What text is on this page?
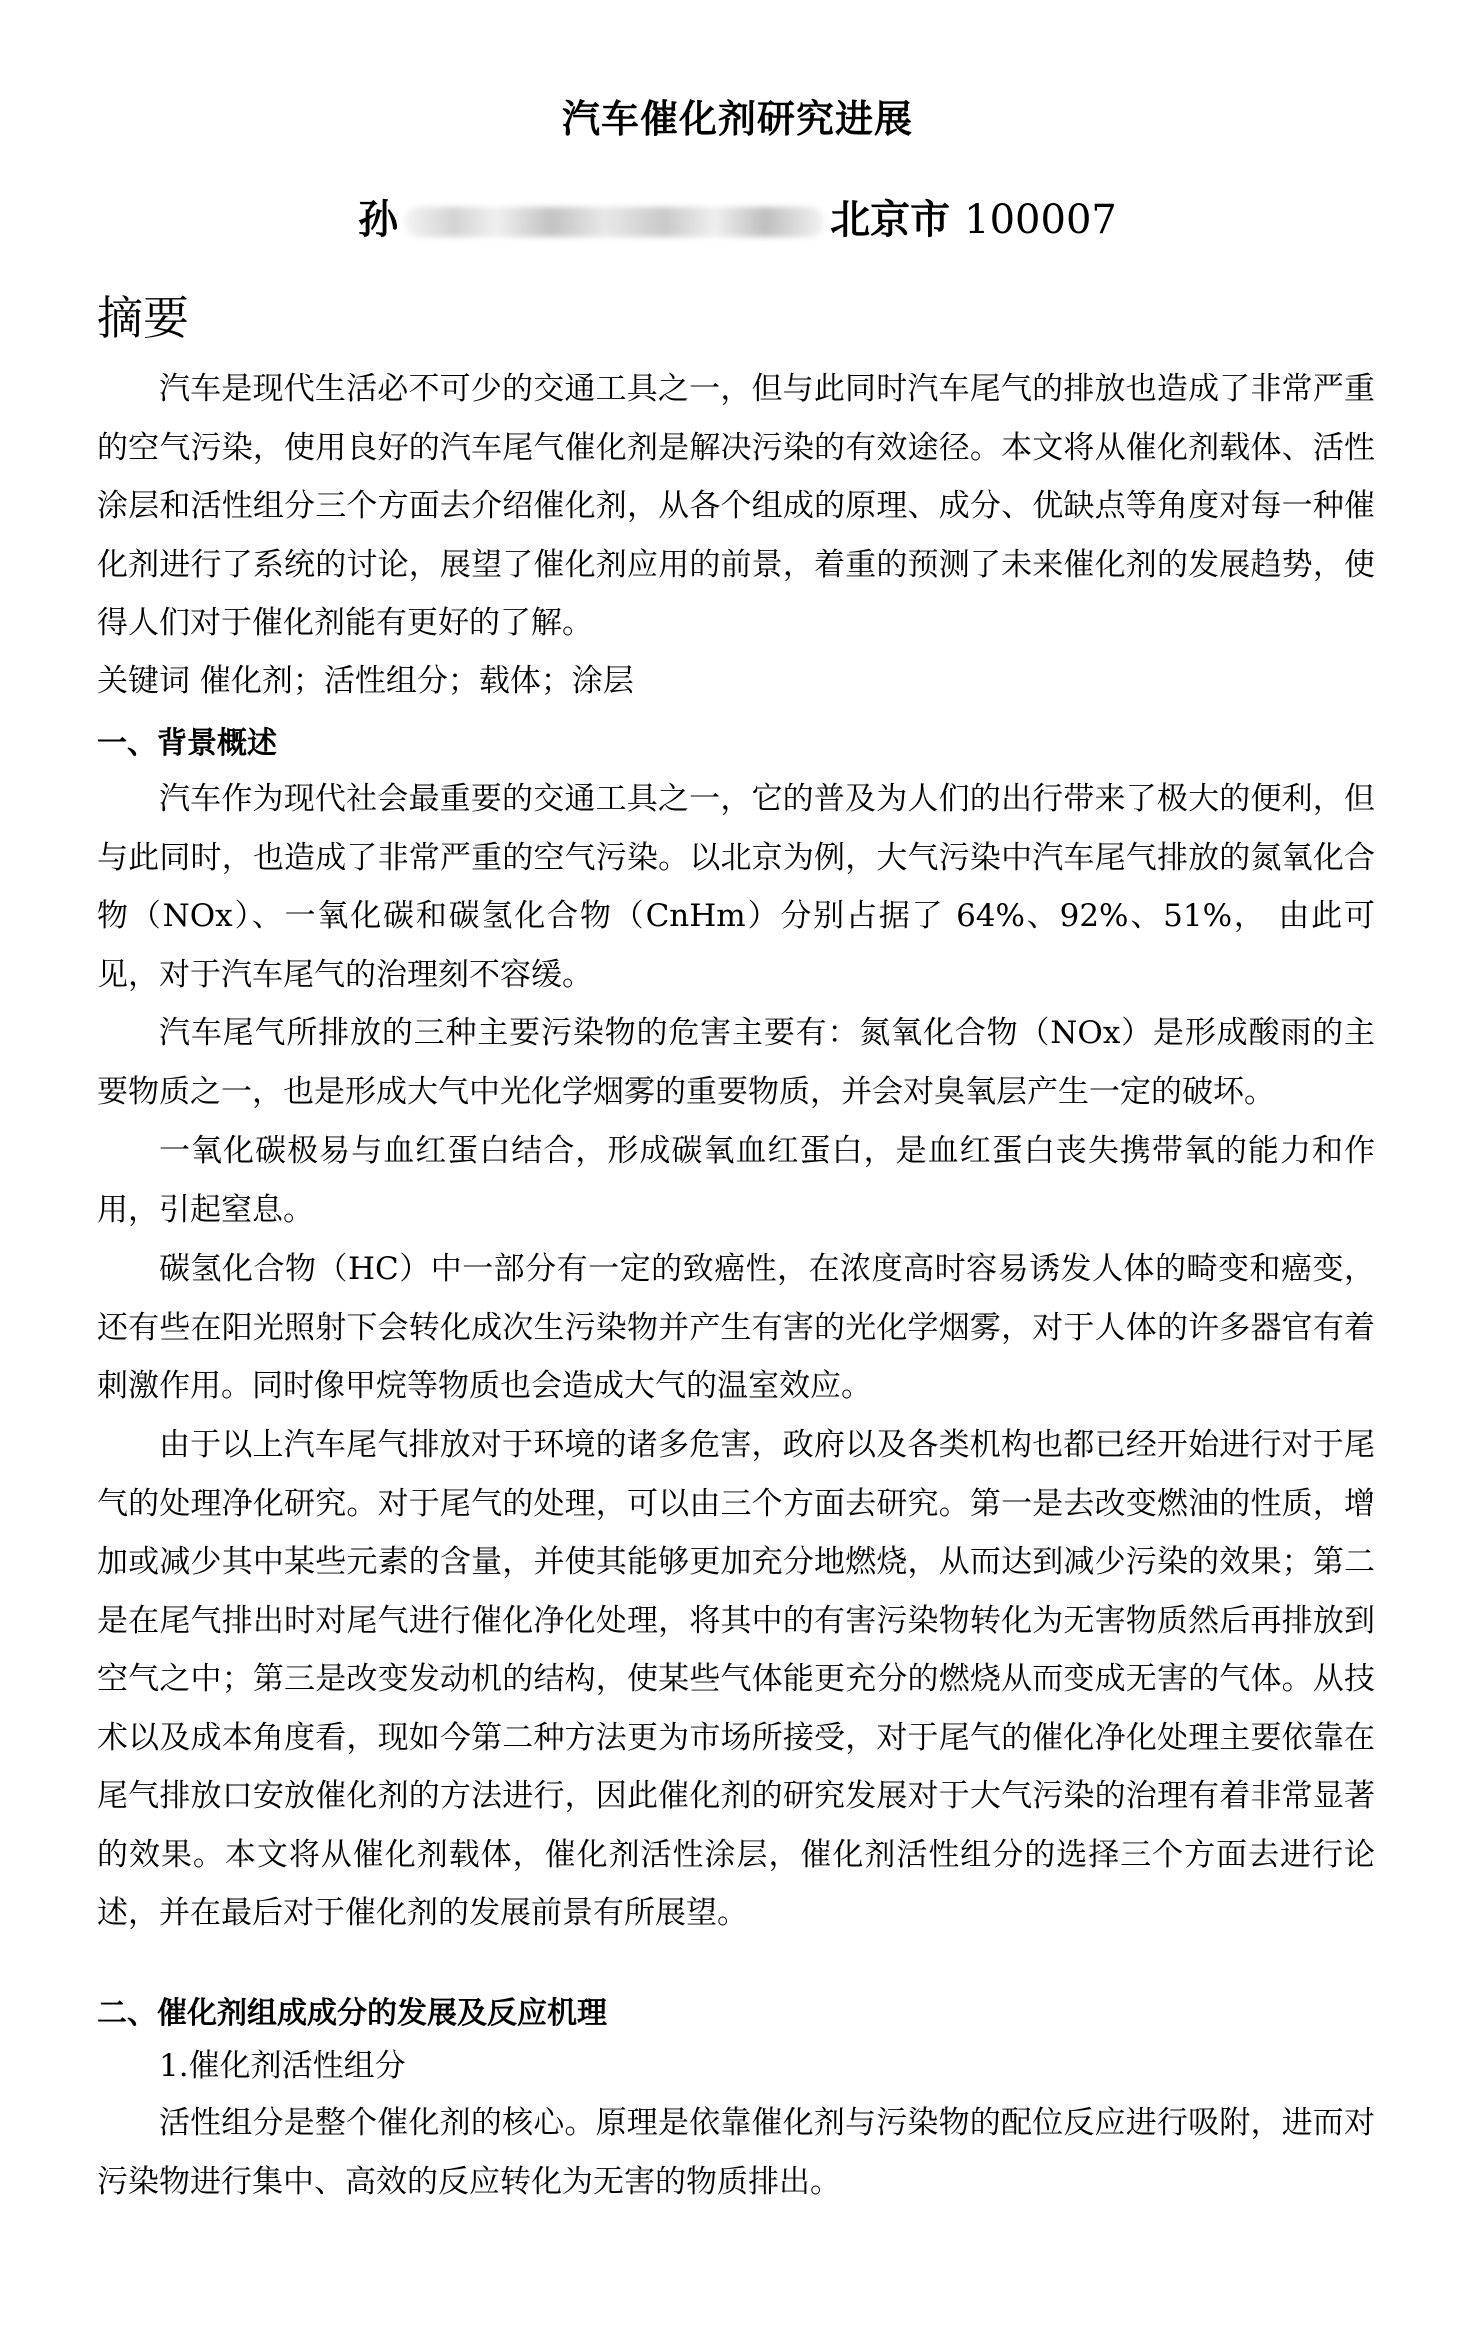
汽车催化剂研究进展
孙	北京市 100007
摘要

汽车是现代生活必不可少的交通工具之一，但与此同时汽车尾气的排放也造成了非常严重的空气污染，使用良好的汽车尾气催化剂是解决污染的有效途径。本文将从催化剂载体、活性涂层和活性组分三个方面去介绍催化剂，从各个组成的原理、成分、优缺点等角度对每一种催化剂进行了系统的讨论，展望了催化剂应用的前景，着重的预测了未来催化剂的发展趋势，使得人们对于催化剂能有更好的了解。

关键词 催化剂；活性组分；载体；涂层

一、背景概述

汽车作为现代社会最重要的交通工具之一，它的普及为人们的出行带来了极大的便利，但与此同时，也造成了非常严重的空气污染。以北京为例，大气污染中汽车尾气排放的氮氧化合物（NOx）、一氧化碳和碳氢化合物（CnHm）分别占据了 64%、92%、51%， 由此可见，对于汽车尾气的治理刻不容缓。

汽车尾气所排放的三种主要污染物的危害主要有：氮氧化合物（NOx）是形成酸雨的主要物质之一，也是形成大气中光化学烟雾的重要物质，并会对臭氧层产生一定的破坏。

一氧化碳极易与血红蛋白结合，形成碳氧血红蛋白，是血红蛋白丧失携带氧的能力和作用，引起窒息。

碳氢化合物（HC）中一部分有一定的致癌性，在浓度高时容易诱发人体的畸变和癌变，还有些在阳光照射下会转化成次生污染物并产生有害的光化学烟雾，对于人体的许多器官有着刺激作用。同时像甲烷等物质也会造成大气的温室效应。

由于以上汽车尾气排放对于环境的诸多危害，政府以及各类机构也都已经开始进行对于尾气的处理净化研究。对于尾气的处理，可以由三个方面去研究。第一是去改变燃油的性质，增加或减少其中某些元素的含量，并使其能够更加充分地燃烧，从而达到减少污染的效果；第二是在尾气排出时对尾气进行催化净化处理，将其中的有害污染物转化为无害物质然后再排放到空气之中；第三是改变发动机的结构，使某些气体能更充分的燃烧从而变成无害的气体。从技术以及成本角度看，现如今第二种方法更为市场所接受，对于尾气的催化净化处理主要依靠在尾气排放口安放催化剂的方法进行，因此催化剂的研究发展对于大气污染的治理有着非常显著的效果。本文将从催化剂载体，催化剂活性涂层，催化剂活性组分的选择三个方面去进行论述，并在最后对于催化剂的发展前景有所展望。

二、催化剂组成成分的发展及反应机理

1.催化剂活性组分

活性组分是整个催化剂的核心。原理是依靠催化剂与污染物的配位反应进行吸附，进而对污染物进行集中、高效的反应转化为无害的物质排出。
